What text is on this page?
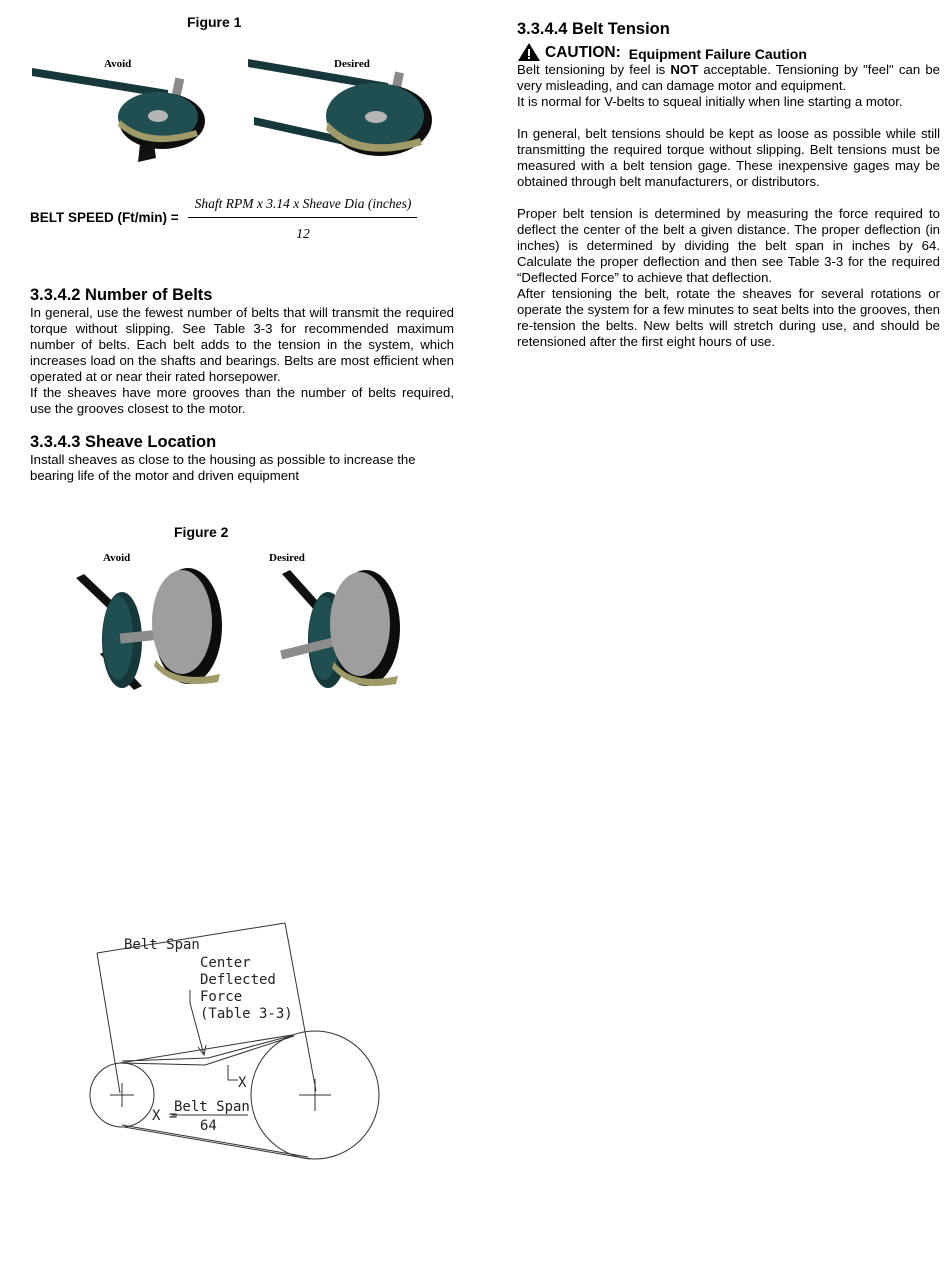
Figure 1
Avoid	Desired
BELT SPEED (Ft/min) =
Shaft RPM x 3.14 x Sheave Dia (inches)
12
3.3.4.2 Number of Belts

In general, use the fewest number of belts that will transmit the required torque without slipping. See Table 3-3 for recommended maximum number of belts. Each belt adds to the tension in the system, which increases load on the shafts and bearings. Belts are most efficient when operated at or near their rated horsepower.

If the sheaves have more grooves than the number of belts required, use the grooves closest to the motor.

3.3.4.3 Sheave Location

Install sheaves as close to the housing as possible to increase the bearing life of the motor and driven equipment

Figure 2
Avoid	Desired
Belt Span
Center
Deflected
Force
(Table 3-3)
X
X =
Belt Span
64
3.3.4.4 Belt Tension
CAUTION: Equipment Failure Caution

Belt tensioning by feel is NOT acceptable. Tensioning by "feel" can be very misleading, and can damage motor and equipment.

It is normal for V-belts to squeal initially when line starting a motor.

In general, belt tensions should be kept as loose as possible while still transmitting the required torque without slipping. Belt tensions must be measured with a belt tension gage. These inexpensive gages may be obtained through belt manufacturers, or distributors.

Proper belt tension is determined by measuring the force required to deflect the center of the belt a given distance. The proper deflection (in inches) is determined by dividing the belt span in inches by 64. Calculate the proper deflection and then see Table 3-3 for the required “Deflected Force” to achieve that deflection.

After tensioning the belt, rotate the sheaves for several rotations or operate the system for a few minutes to seat belts into the grooves, then re-tension the belts. New belts will stretch during use, and should be retensioned after the first eight hours of use.
